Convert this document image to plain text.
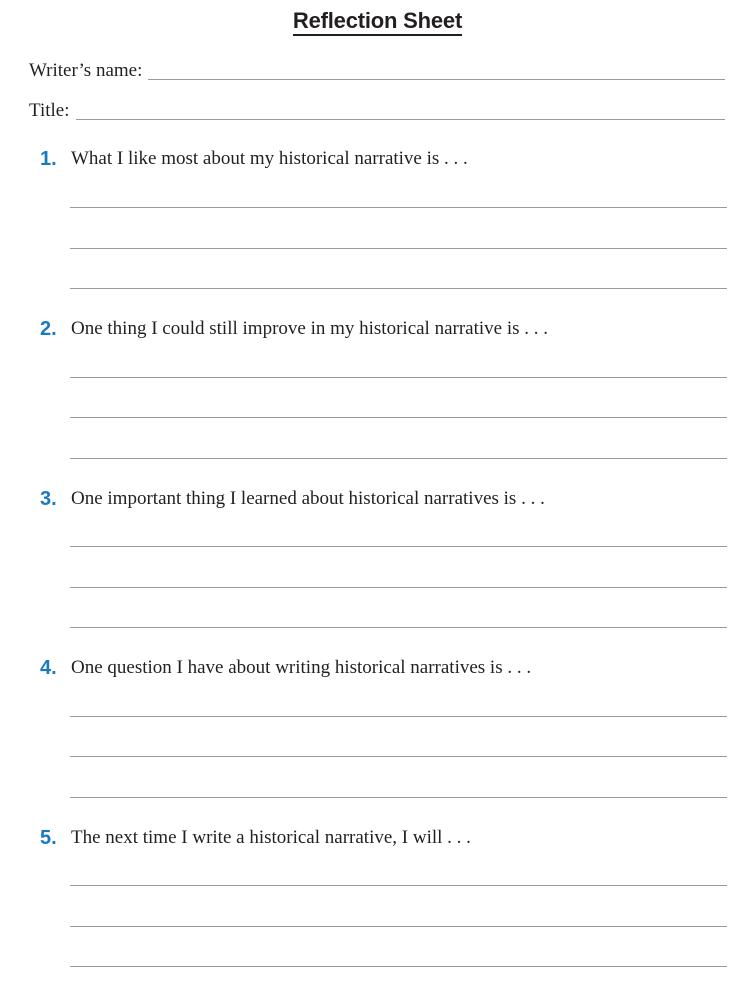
Reflection Sheet
Writer’s name:
Title:
1. What I like most about my historical narrative is . . .
2. One thing I could still improve in my historical narrative is . . .
3. One important thing I learned about historical narratives is . . .
4. One question I have about writing historical narratives is . . .
5. The next time I write a historical narrative, I will . . .
